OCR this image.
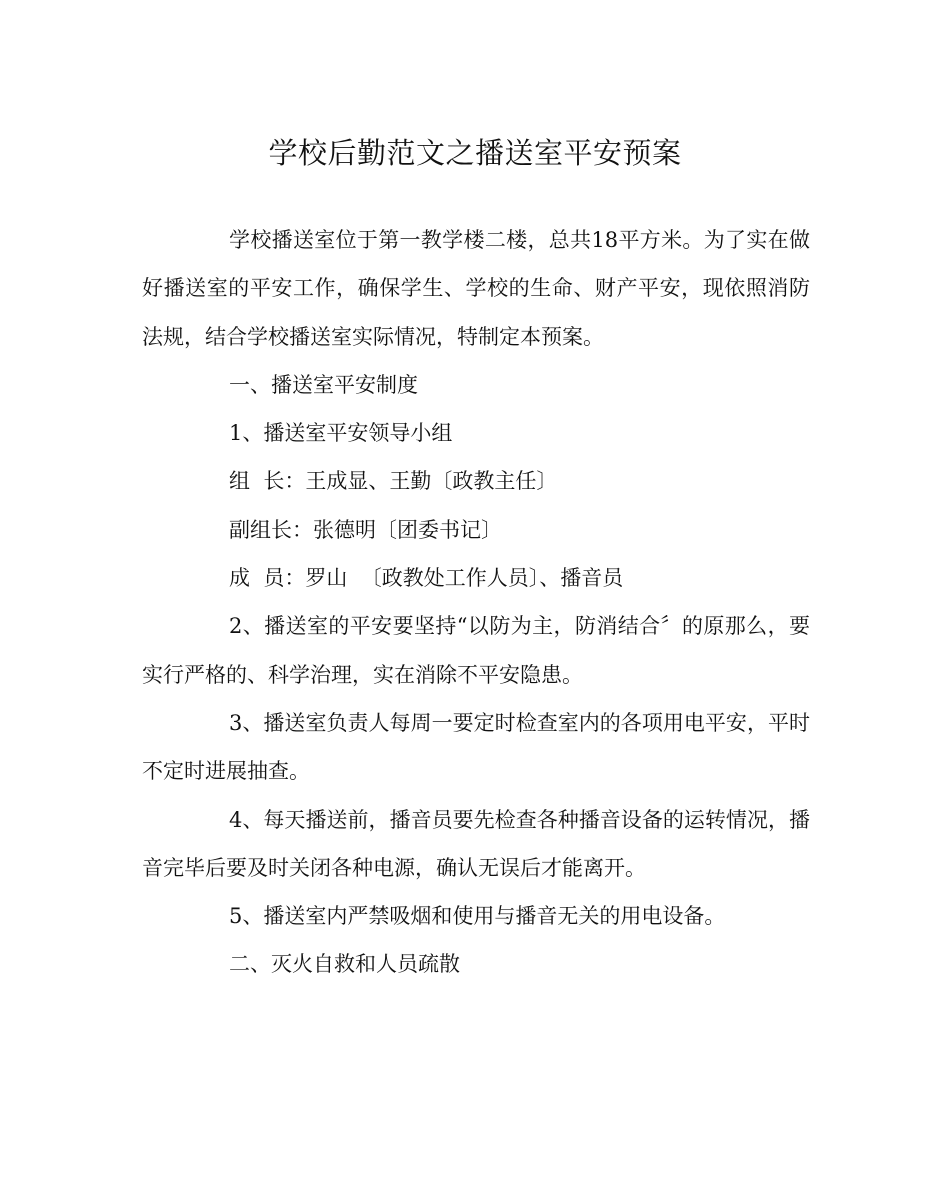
学校后勤范文之播送室平安预案

学校播送室位于第一教学楼二楼，总共18平方米。为了实在做好播送室的平安工作，确保学生、学校的生命、财产平安，现依照消防法规，结合学校播送室实际情况，特制定本预案。

一、播送室平安制度

1、播送室平安领导小组

组  长：王成显、王勤〔政教主任〕

副组长：张德明〔团委书记〕

成  员：罗山  〔政教处工作人员〕、播音员

2、播送室的平安要坚持“以防为主，防消结合〞的原那么，要实行严格的、科学治理，实在消除不平安隐患。

3、播送室负责人每周一要定时检查室内的各项用电平安，平时不定时进展抽查。

4、每天播送前，播音员要先检查各种播音设备的运转情况，播音完毕后要及时关闭各种电源，确认无误后才能离开。

5、播送室内严禁吸烟和使用与播音无关的用电设备。

二、灭火自救和人员疏散
